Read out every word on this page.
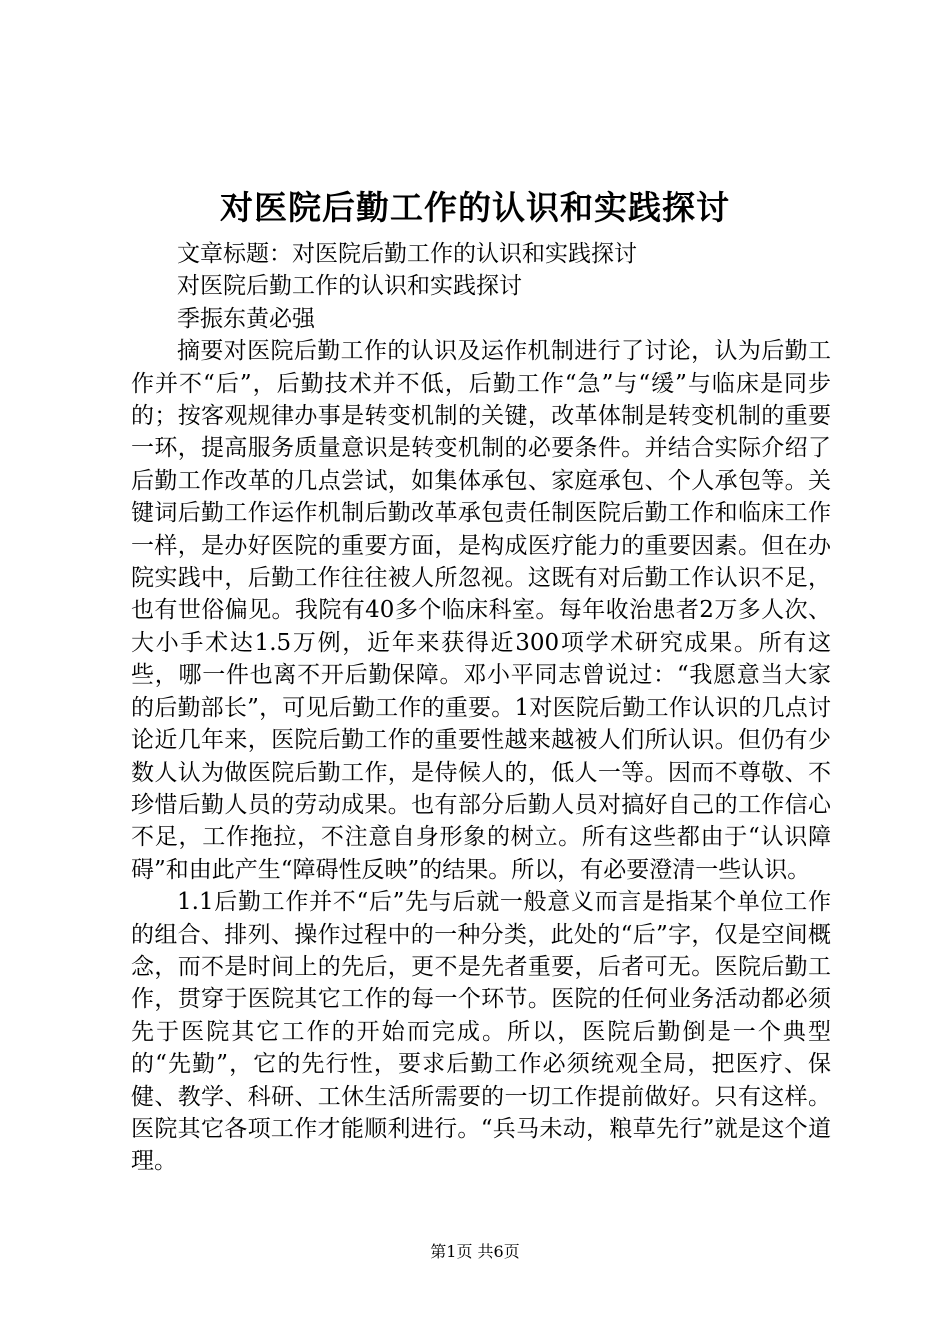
对医院后勤工作的认识和实践探讨

文章标题：对医院后勤工作的认识和实践探讨

对医院后勤工作的认识和实践探讨

季振东黄必强

摘要对医院后勤工作的认识及运作机制进行了讨论，认为后勤工作并不“后”，后勤技术并不低，后勤工作“急”与“缓”与临床是同步的；按客观规律办事是转变机制的关键，改革体制是转变机制的重要一环，提高服务质量意识是转变机制的必要条件。并结合实际介绍了后勤工作改革的几点尝试，如集体承包、家庭承包、个人承包等。关键词后勤工作运作机制后勤改革承包责任制医院后勤工作和临床工作一样，是办好医院的重要方面，是构成医疗能力的重要因素。但在办院实践中，后勤工作往往被人所忽视。这既有对后勤工作认识不足，也有世俗偏见。我院有40多个临床科室。每年收治患者2万多人次、大小手术达1.5万例，近年来获得近300项学术研究成果。所有这些，哪一件也离不开后勤保障。邓小平同志曾说过：“我愿意当大家的后勤部长”，可见后勤工作的重要。1对医院后勤工作认识的几点讨论近几年来，医院后勤工作的重要性越来越被人们所认识。但仍有少数人认为做医院后勤工作，是侍候人的，低人一等。因而不尊敬、不珍惜后勤人员的劳动成果。也有部分后勤人员对搞好自己的工作信心不足，工作拖拉，不注意自身形象的树立。所有这些都由于“认识障碍”和由此产生“障碍性反映”的结果。所以，有必要澄清一些认识。

1.1后勤工作并不“后”先与后就一般意义而言是指某个单位工作的组合、排列、操作过程中的一种分类，此处的“后”字，仅是空间概念，而不是时间上的先后，更不是先者重要，后者可无。医院后勤工作，贯穿于医院其它工作的每一个环节。医院的任何业务活动都必须先于医院其它工作的开始而完成。所以，医院后勤倒是一个典型的“先勤”，它的先行性，要求后勤工作必须统观全局，把医疗、保健、教学、科研、工休生活所需要的一切工作提前做好。只有这样。医院其它各项工作才能顺利进行。“兵马未动，粮草先行”就是这个道理。

第1页 共6页
